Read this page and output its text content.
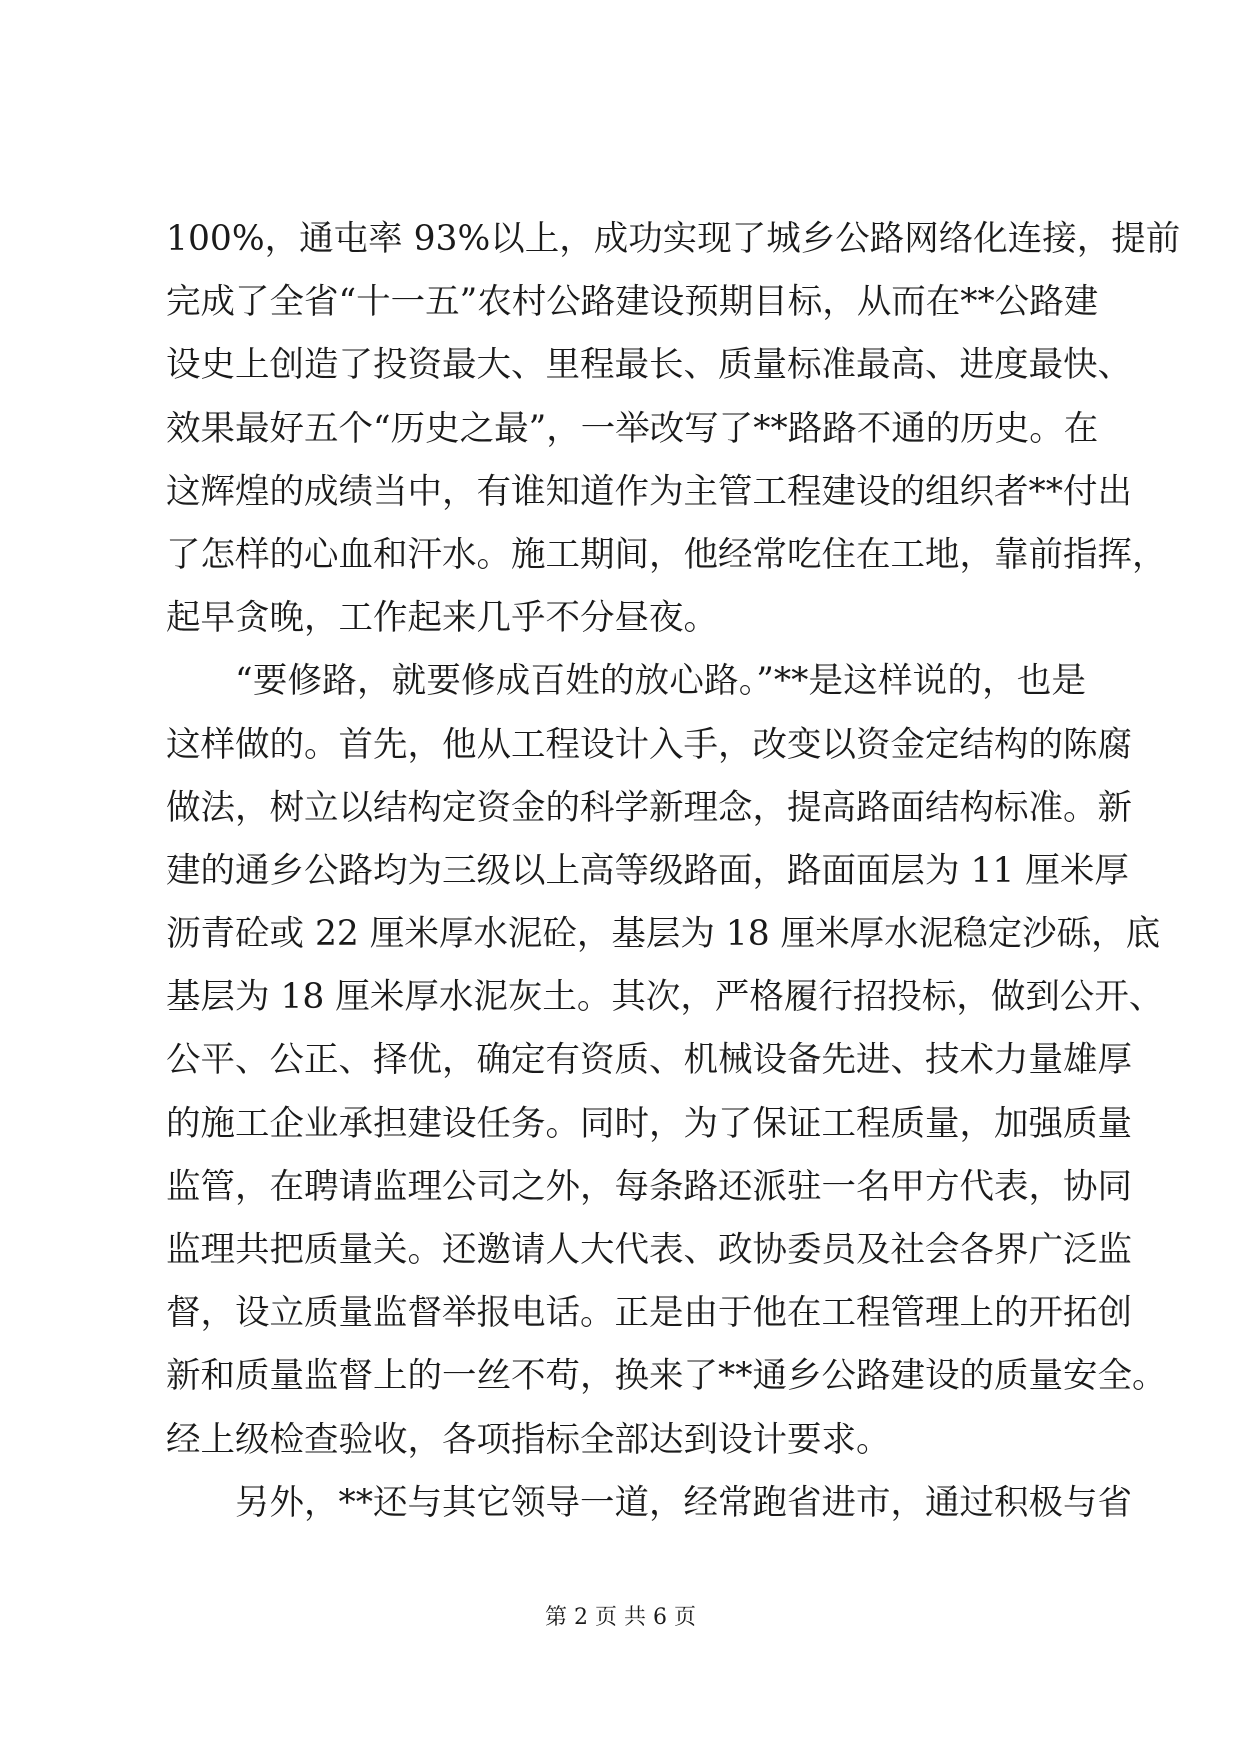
100%，通屯率 93%以上，成功实现了城乡公路网络化连接，提前
完成了全省“十一五”农村公路建设预期目标，从而在**公路建
设史上创造了投资最大、里程最长、质量标准最高、进度最快、
效果最好五个“历史之最”，一举改写了**路路不通的历史。在
这辉煌的成绩当中，有谁知道作为主管工程建设的组织者**付出
了怎样的心血和汗水。施工期间，他经常吃住在工地，靠前指挥，
起早贪晚，工作起来几乎不分昼夜。
“要修路，就要修成百姓的放心路。”**是这样说的，也是
这样做的。首先，他从工程设计入手，改变以资金定结构的陈腐
做法，树立以结构定资金的科学新理念，提高路面结构标准。新
建的通乡公路均为三级以上高等级路面，路面面层为 11 厘米厚
沥青砼或 22 厘米厚水泥砼，基层为 18 厘米厚水泥稳定沙砾，底
基层为 18 厘米厚水泥灰土。其次，严格履行招投标，做到公开、
公平、公正、择优，确定有资质、机械设备先进、技术力量雄厚
的施工企业承担建设任务。同时，为了保证工程质量，加强质量
监管，在聘请监理公司之外，每条路还派驻一名甲方代表，协同
监理共把质量关。还邀请人大代表、政协委员及社会各界广泛监
督，设立质量监督举报电话。正是由于他在工程管理上的开拓创
新和质量监督上的一丝不苟，换来了**通乡公路建设的质量安全。
经上级检查验收，各项指标全部达到设计要求。
另外，**还与其它领导一道，经常跑省进市，通过积极与省
第 2 页 共 6 页
